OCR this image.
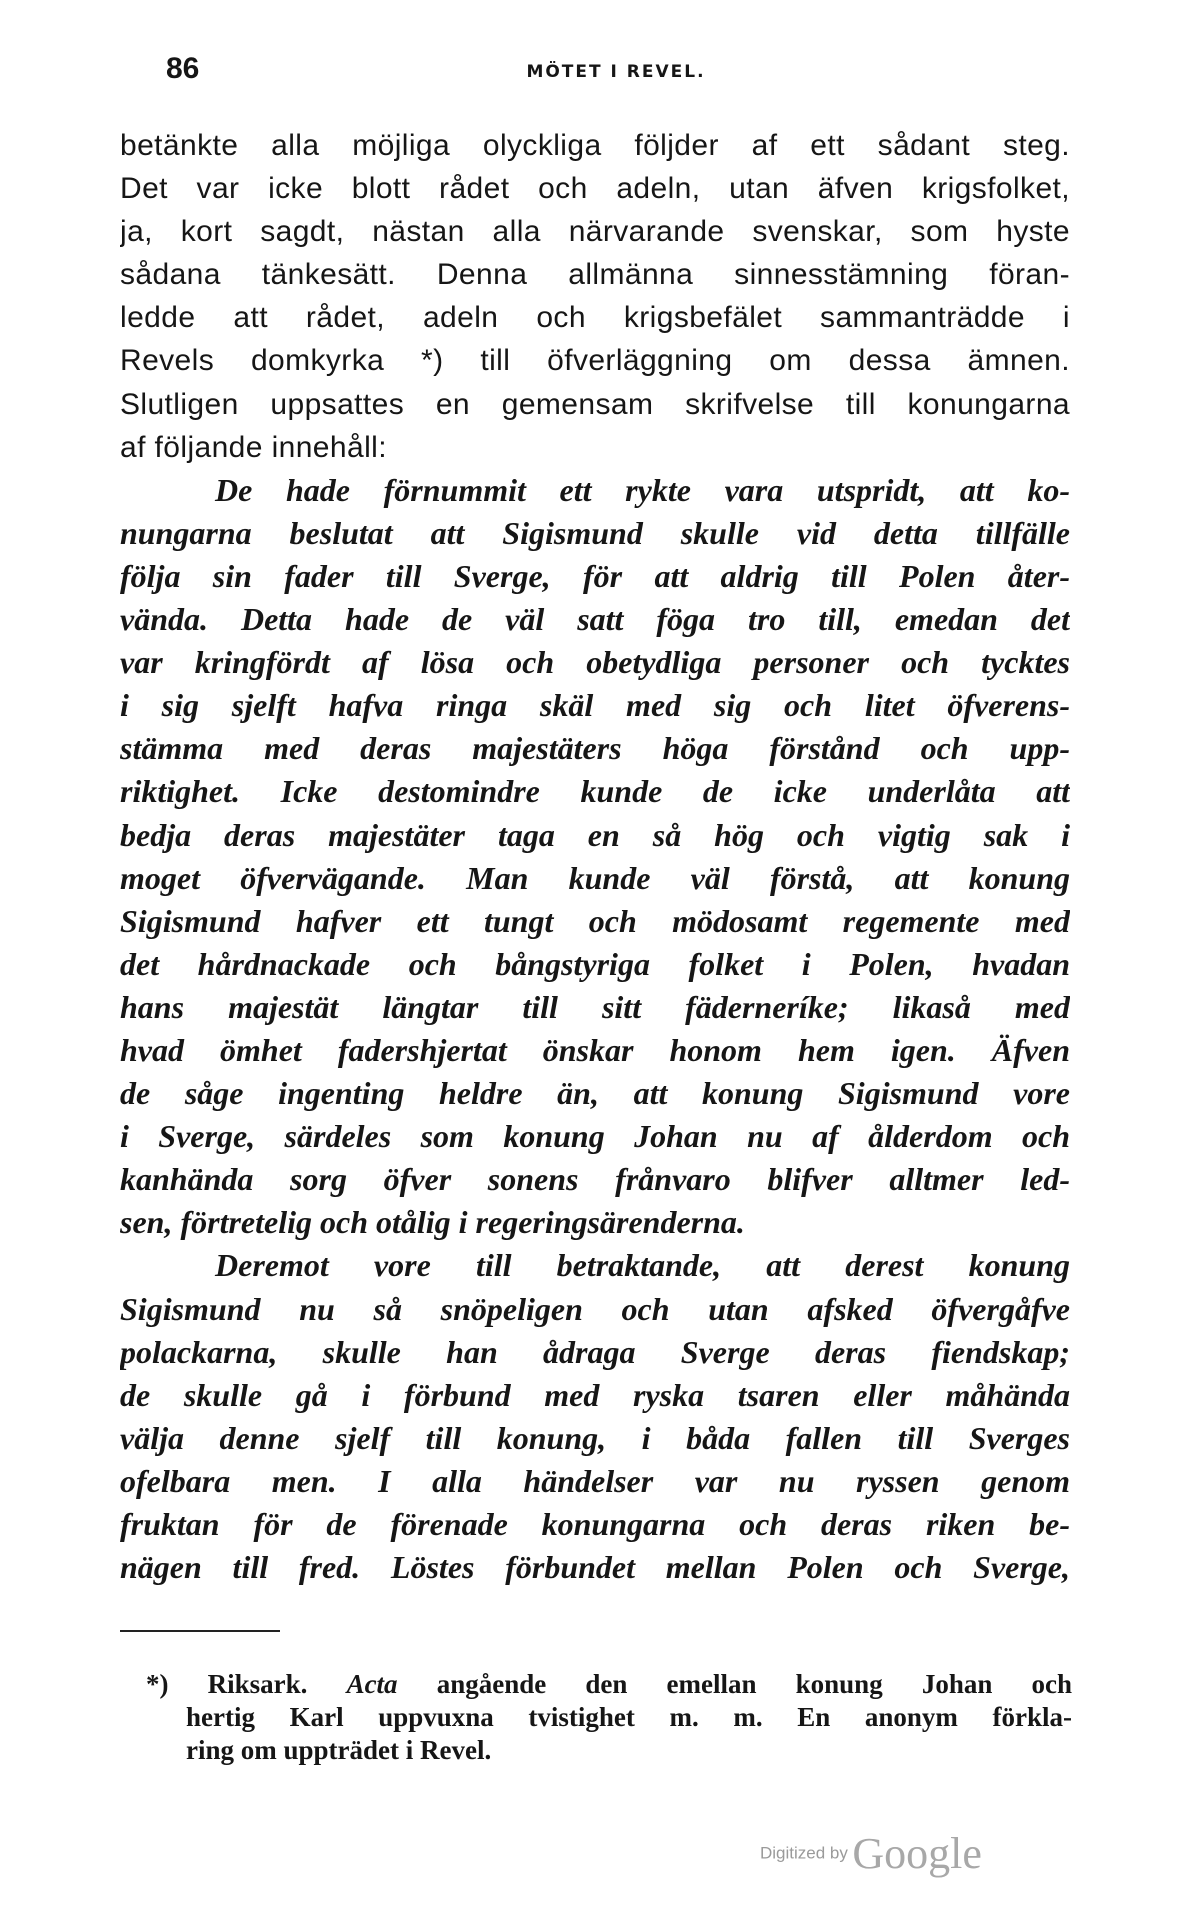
86	MÖTET I REVEL.
betänkte alla möjliga olyckliga följder af ett sådant steg.
Det var icke blott rådet och adeln, utan äfven krigsfolket,
ja, kort sagdt, nästan alla närvarande svenskar, som hyste
sådana tänkesätt. Denna allmänna sinnesstämning föran-
ledde att rådet, adeln och krigsbefälet sammanträdde i
Revels domkyrka *) till öfverläggning om dessa ämnen.
Slutligen uppsattes en gemensam skrifvelse till konungarna
af följande innehåll:
De hade förnummit ett rykte vara utspridt, att ko-
nungarna beslutat att Sigismund skulle vid detta tillfälle
följa sin fader till Sverge, för att aldrig till Polen åter-
vända. Detta hade de väl satt föga tro till, emedan det
var kringfördt af lösa och obetydliga personer och tycktes
i sig sjelft hafva ringa skäl med sig och litet öfverens-
stämma med deras majestäters höga förstånd och upp-
riktighet. Icke destomindre kunde de icke underlåta att
bedja deras majestäter taga en så hög och vigtig sak i
moget öfvervägande. Man kunde väl förstå, att konung
Sigismund hafver ett tungt och mödosamt regemente med
det hårdnackade och bångstyriga folket i Polen, hvadan
hans majestät längtar till sitt fäderneríke; likaså med
hvad ömhet fadershjertat önskar honom hem igen. Äfven
de såge ingenting heldre än, att konung Sigismund vore
i Sverge, särdeles som konung Johan nu af ålderdom och
kanhända sorg öfver sonens frånvaro blifver alltmer led-
sen, förtretelig och otålig i regeringsärenderna.
Deremot vore till betraktande, att derest konung
Sigismund nu så snöpeligen och utan afsked öfvergåfve
polackarna, skulle han ådraga Sverge deras fiendskap;
de skulle gå i förbund med ryska tsaren eller måhända
välja denne sjelf till konung, i båda fallen till Sverges
ofelbara men. I alla händelser var nu ryssen genom
fruktan för de förenade konungarna och deras riken be-
nägen till fred. Löstes förbundet mellan Polen och Sverge,
*) Riksark. Acta angående den emellan konung Johan och
hertig Karl uppvuxna tvistighet m. m. En anonym förkla-
ring om uppträdet i Revel.
Digitized by Google
